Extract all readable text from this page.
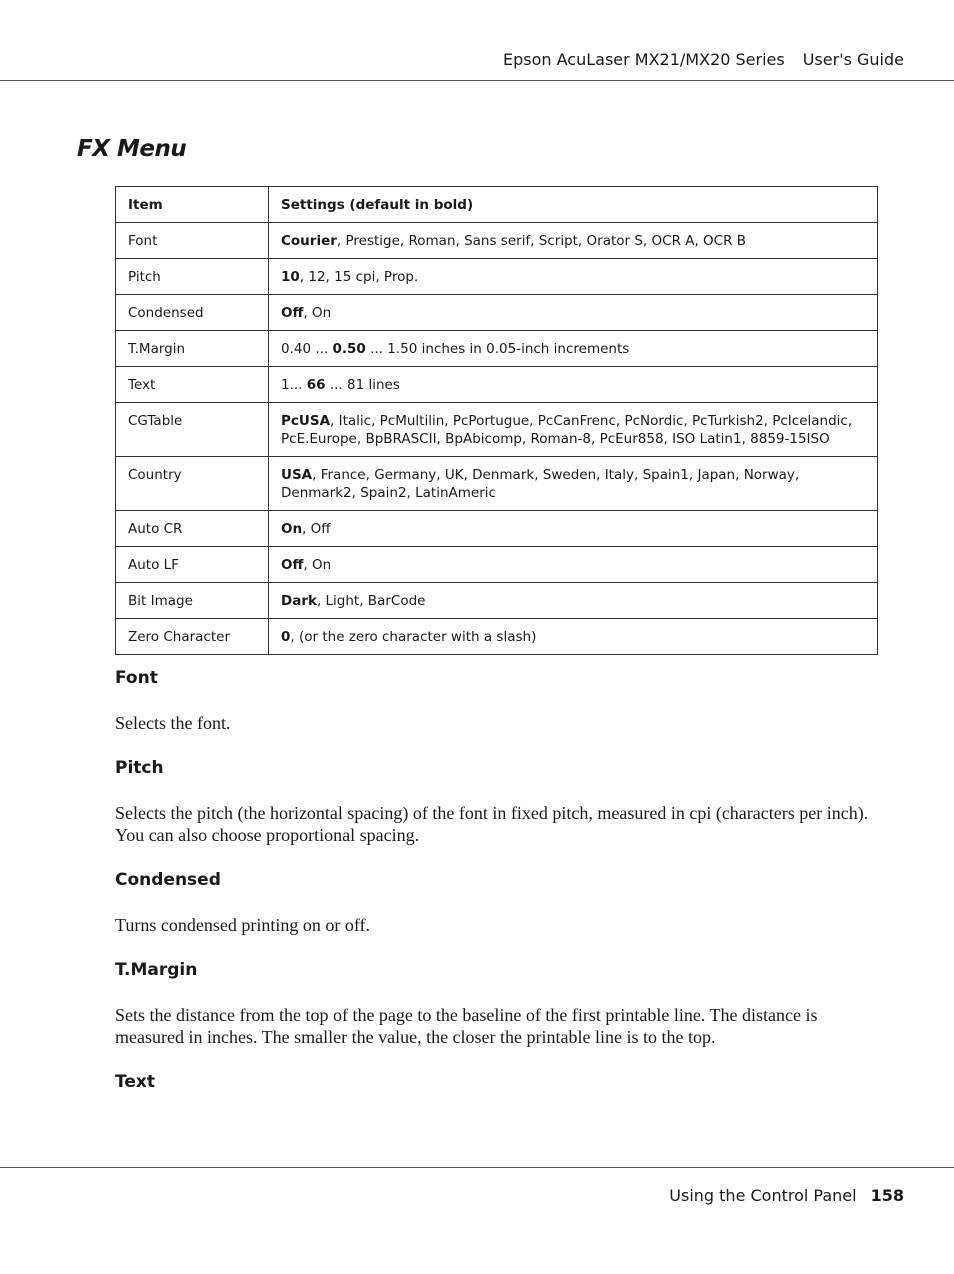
Epson AcuLaser MX21/MX20 Series User's Guide
FX Menu
Item	Settings (default in bold)
Font	Courier, Prestige, Roman, Sans serif, Script, Orator S, OCR A, OCR B
Pitch	10, 12, 15 cpi, Prop.
Condensed	Off, On
T.Margin	0.40 ... 0.50 ... 1.50 inches in 0.05-inch increments
Text	1... 66 ... 81 lines
CGTable	PcUSA, Italic, PcMultilin, PcPortugue, PcCanFrenc, PcNordic, PcTurkish2, PcIcelandic, PcE.Europe, BpBRASCII, BpAbicomp, Roman-8, PcEur858, ISO Latin1, 8859-15ISO
Country	USA, France, Germany, UK, Denmark, Sweden, Italy, Spain1, Japan, Norway, Denmark2, Spain2, LatinAmeric
Auto CR	On, Off
Auto LF	Off, On
Bit Image	Dark, Light, BarCode
Zero Character	0, (or the zero character with a slash)
Font
Selects the font.
Pitch
Selects the pitch (the horizontal spacing) of the font in fixed pitch, measured in cpi (characters per inch). You can also choose proportional spacing.
Condensed
Turns condensed printing on or off.
T.Margin
Sets the distance from the top of the page to the baseline of the first printable line. The distance is measured in inches. The smaller the value, the closer the printable line is to the top.
Text
Using the Control Panel 158
